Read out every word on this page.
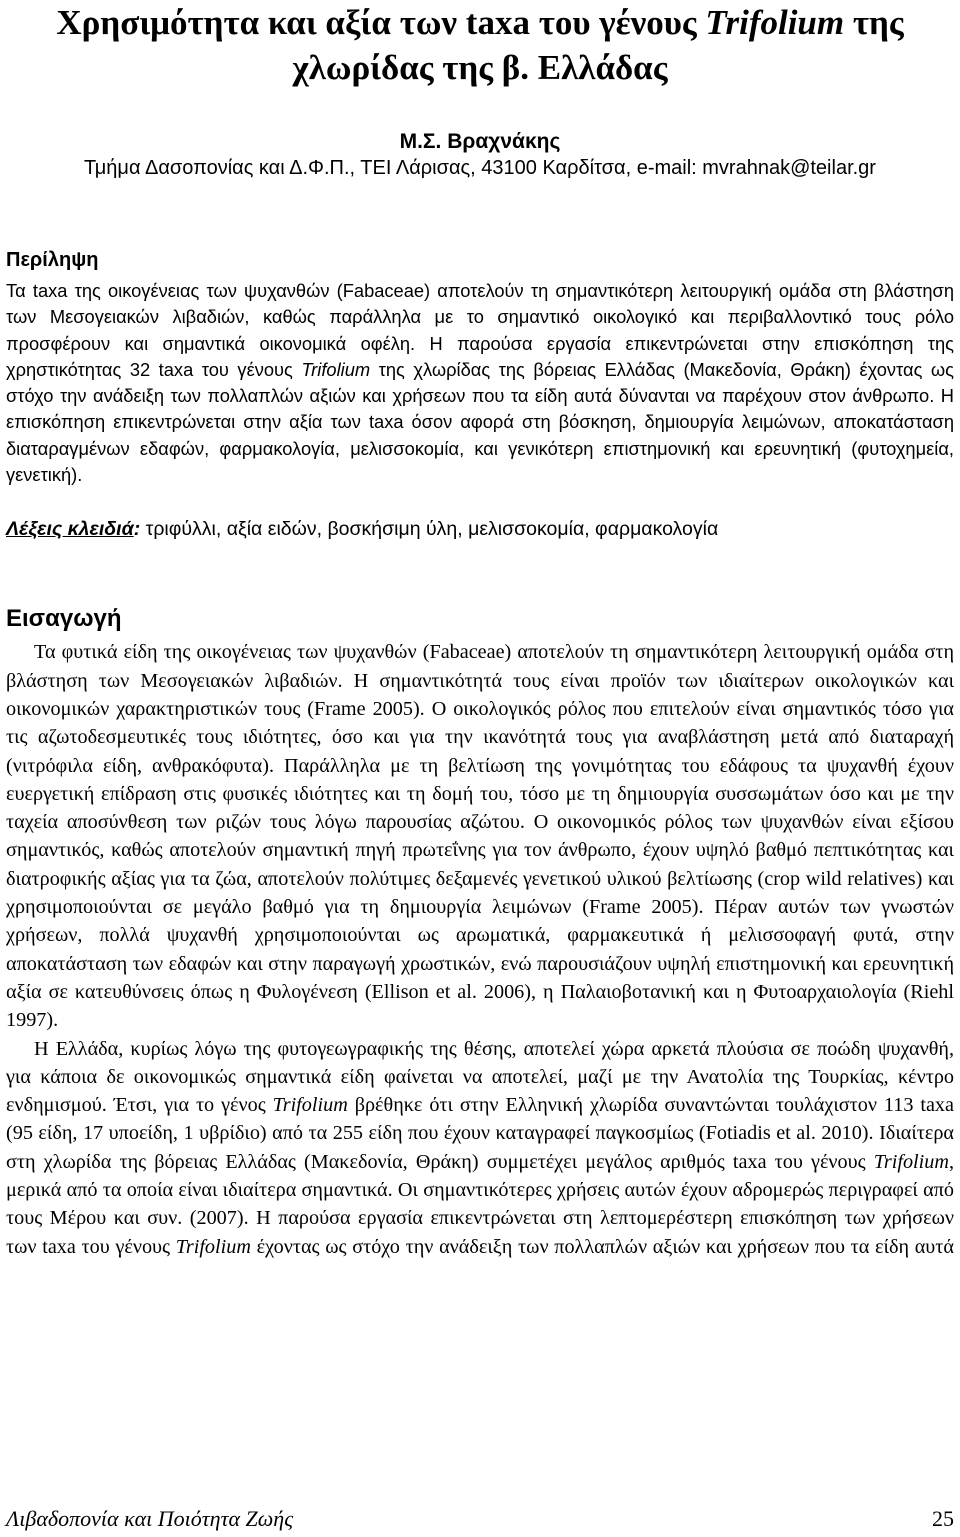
Χρησιμότητα και αξία των taxa του γένους Trifolium της χλωρίδας της β. Ελλάδας
Μ.Σ. Βραχνάκης
Τμήμα Δασοπονίας και Δ.Φ.Π., ΤΕΙ Λάρισας, 43100 Καρδίτσα, e-mail: mvrahnak@teilar.gr
Περίληψη

Τα taxa της οικογένειας των ψυχανθών (Fabaceae) αποτελούν τη σημαντικότερη λειτουργική ομάδα στη βλάστηση των Μεσογειακών λιβαδιών, καθώς παράλληλα με το σημαντικό οικολογικό και περιβαλλοντικό τους ρόλο προσφέρουν και σημαντικά οικονομικά οφέλη. Η παρούσα εργασία επικεντρώνεται στην επισκόπηση της χρηστικότητας 32 taxa του γένους Trifolium της χλωρίδας της βόρειας Ελλάδας (Μακεδονία, Θράκη) έχοντας ως στόχο την ανάδειξη των πολλαπλών αξιών και χρήσεων που τα είδη αυτά δύνανται να παρέχουν στον άνθρωπο. Η επισκόπηση επικεντρώνεται στην αξία των taxa όσον αφορά στη βόσκηση, δημιουργία λειμώνων, αποκατάσταση διαταραγμένων εδαφών, φαρμακολογία, μελισσοκομία, και γενικότερη επιστημονική και ερευνητική (φυτοχημεία, γενετική).

Λέξεις κλειδιά: τριφύλλι, αξία ειδών, βοσκήσιμη ύλη, μελισσοκομία, φαρμακολογία
Εισαγωγή

Τα φυτικά είδη της οικογένειας των ψυχανθών (Fabaceae) αποτελούν τη σημαντικότερη λειτουργική ομάδα στη βλάστηση των Μεσογειακών λιβαδιών. Η σημαντικότητά τους είναι προϊόν των ιδιαίτερων οικολογικών και οικονομικών χαρακτηριστικών τους (Frame 2005). Ο οικολογικός ρόλος που επιτελούν είναι σημαντικός τόσο για τις αζωτοδεσμευτικές τους ιδιότητες, όσο και για την ικανότητά τους για αναβλάστηση μετά από διαταραχή (νιτρόφιλα είδη, ανθρακόφυτα). Παράλληλα με τη βελτίωση της γονιμότητας του εδάφους τα ψυχανθή έχουν ευεργετική επίδραση στις φυσικές ιδιότητες και τη δομή του, τόσο με τη δημιουργία συσσωμάτων όσο και με την ταχεία αποσύνθεση των ριζών τους λόγω παρουσίας αζώτου. Ο οικονομικός ρόλος των ψυχανθών είναι εξίσου σημαντικός, καθώς αποτελούν σημαντική πηγή πρωτεΐνης για τον άνθρωπο, έχουν υψηλό βαθμό πεπτικότητας και διατροφικής αξίας για τα ζώα, αποτελούν πολύτιμες δεξαμενές γενετικού υλικού βελτίωσης (crop wild relatives) και χρησιμοποιούνται σε μεγάλο βαθμό για τη δημιουργία λειμώνων (Frame 2005). Πέραν αυτών των γνωστών χρήσεων, πολλά ψυχανθή χρησιμοποιούνται ως αρωματικά, φαρμακευτικά ή μελισσοφαγή φυτά, στην αποκατάσταση των εδαφών και στην παραγωγή χρωστικών, ενώ παρουσιάζουν υψηλή επιστημονική και ερευνητική αξία σε κατευθύνσεις όπως η Φυλογένεση (Ellison et al. 2006), η Παλαιοβοτανική και η Φυτοαρχαιολογία (Riehl 1997).

Η Ελλάδα, κυρίως λόγω της φυτογεωγραφικής της θέσης, αποτελεί χώρα αρκετά πλούσια σε ποώδη ψυχανθή, για κάποια δε οικονομικώς σημαντικά είδη φαίνεται να αποτελεί, μαζί με την Ανατολία της Τουρκίας, κέντρο ενδημισμού. Έτσι, για το γένος Trifolium βρέθηκε ότι στην Ελληνική χλωρίδα συναντώνται τουλάχιστον 113 taxa (95 είδη, 17 υποείδη, 1 υβρίδιο) από τα 255 είδη που έχουν καταγραφεί παγκοσμίως (Fotiadis et al. 2010). Ιδιαίτερα στη χλωρίδα της βόρειας Ελλάδας (Μακεδονία, Θράκη) συμμετέχει μεγάλος αριθμός taxa του γένους Trifolium, μερικά από τα οποία είναι ιδιαίτερα σημαντικά. Οι σημαντικότερες χρήσεις αυτών έχουν αδρομερώς περιγραφεί από τους Μέρου και συν. (2007). Η παρούσα εργασία επικεντρώνεται στη λεπτομερέστερη επισκόπηση των χρήσεων των taxa του γένους Trifolium έχοντας ως στόχο την ανάδειξη των πολλαπλών αξιών και χρήσεων που τα είδη αυτά

Λιβαδοπονία και Ποιότητα Ζωής	25
